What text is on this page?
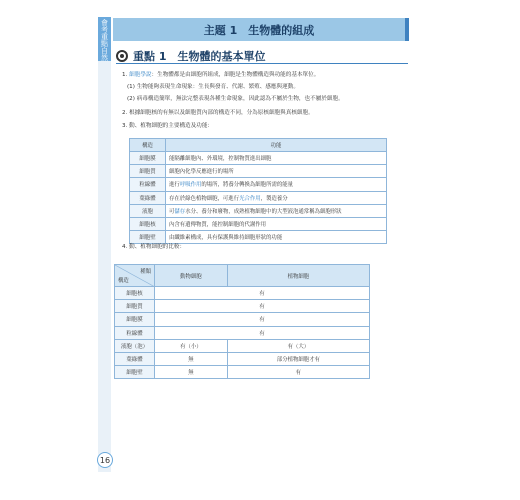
會考重點自然
16
主題 1　生物體的組成
重點 1　生物體的基本單位
1. 細胞學說：生物體都是由細胞所組成，細胞是生物體構造與功能的基本單位。
(1) 生物能夠表現生命現象：生長與發育、代謝、繁殖、感應與運動。
(2) 病毒構造簡單，無法完整表現各種生命現象，因此認為不屬於生物，也不屬於細胞。
2. 根據細胞核的有無以及細胞質內部的構造不同，分為原核細胞與真核細胞。
3. 動、植物細胞的主要構造及功能：
構造	功能
細胞膜	能隔離細胞內、外環境，控制物質進出細胞
細胞質	細胞內化學反應進行的場所
粒線體	進行呼吸作用的場所，將養分轉換為細胞所需的能量
葉綠體	存在於綠色植物細胞，可進行光合作用，製造養分
液胞	可儲存水分、養分和廢物，成熟植物細胞中的大型液泡通常稱為細胞形狀
細胞核	內含有遺傳物質，能控制細胞的代謝作用
細胞壁	由纖維素構成，具有保護與維持細胞形狀的功能
4. 動、植物細胞的比較：
種類
構造	動物細胞	植物細胞
細胞核	有	
細胞質	有	
細胞膜	有	
粒線體	有	
液胞（泡）	有（小）	有（大）
葉綠體	無	部分植物細胞才有
細胞壁	無	有
